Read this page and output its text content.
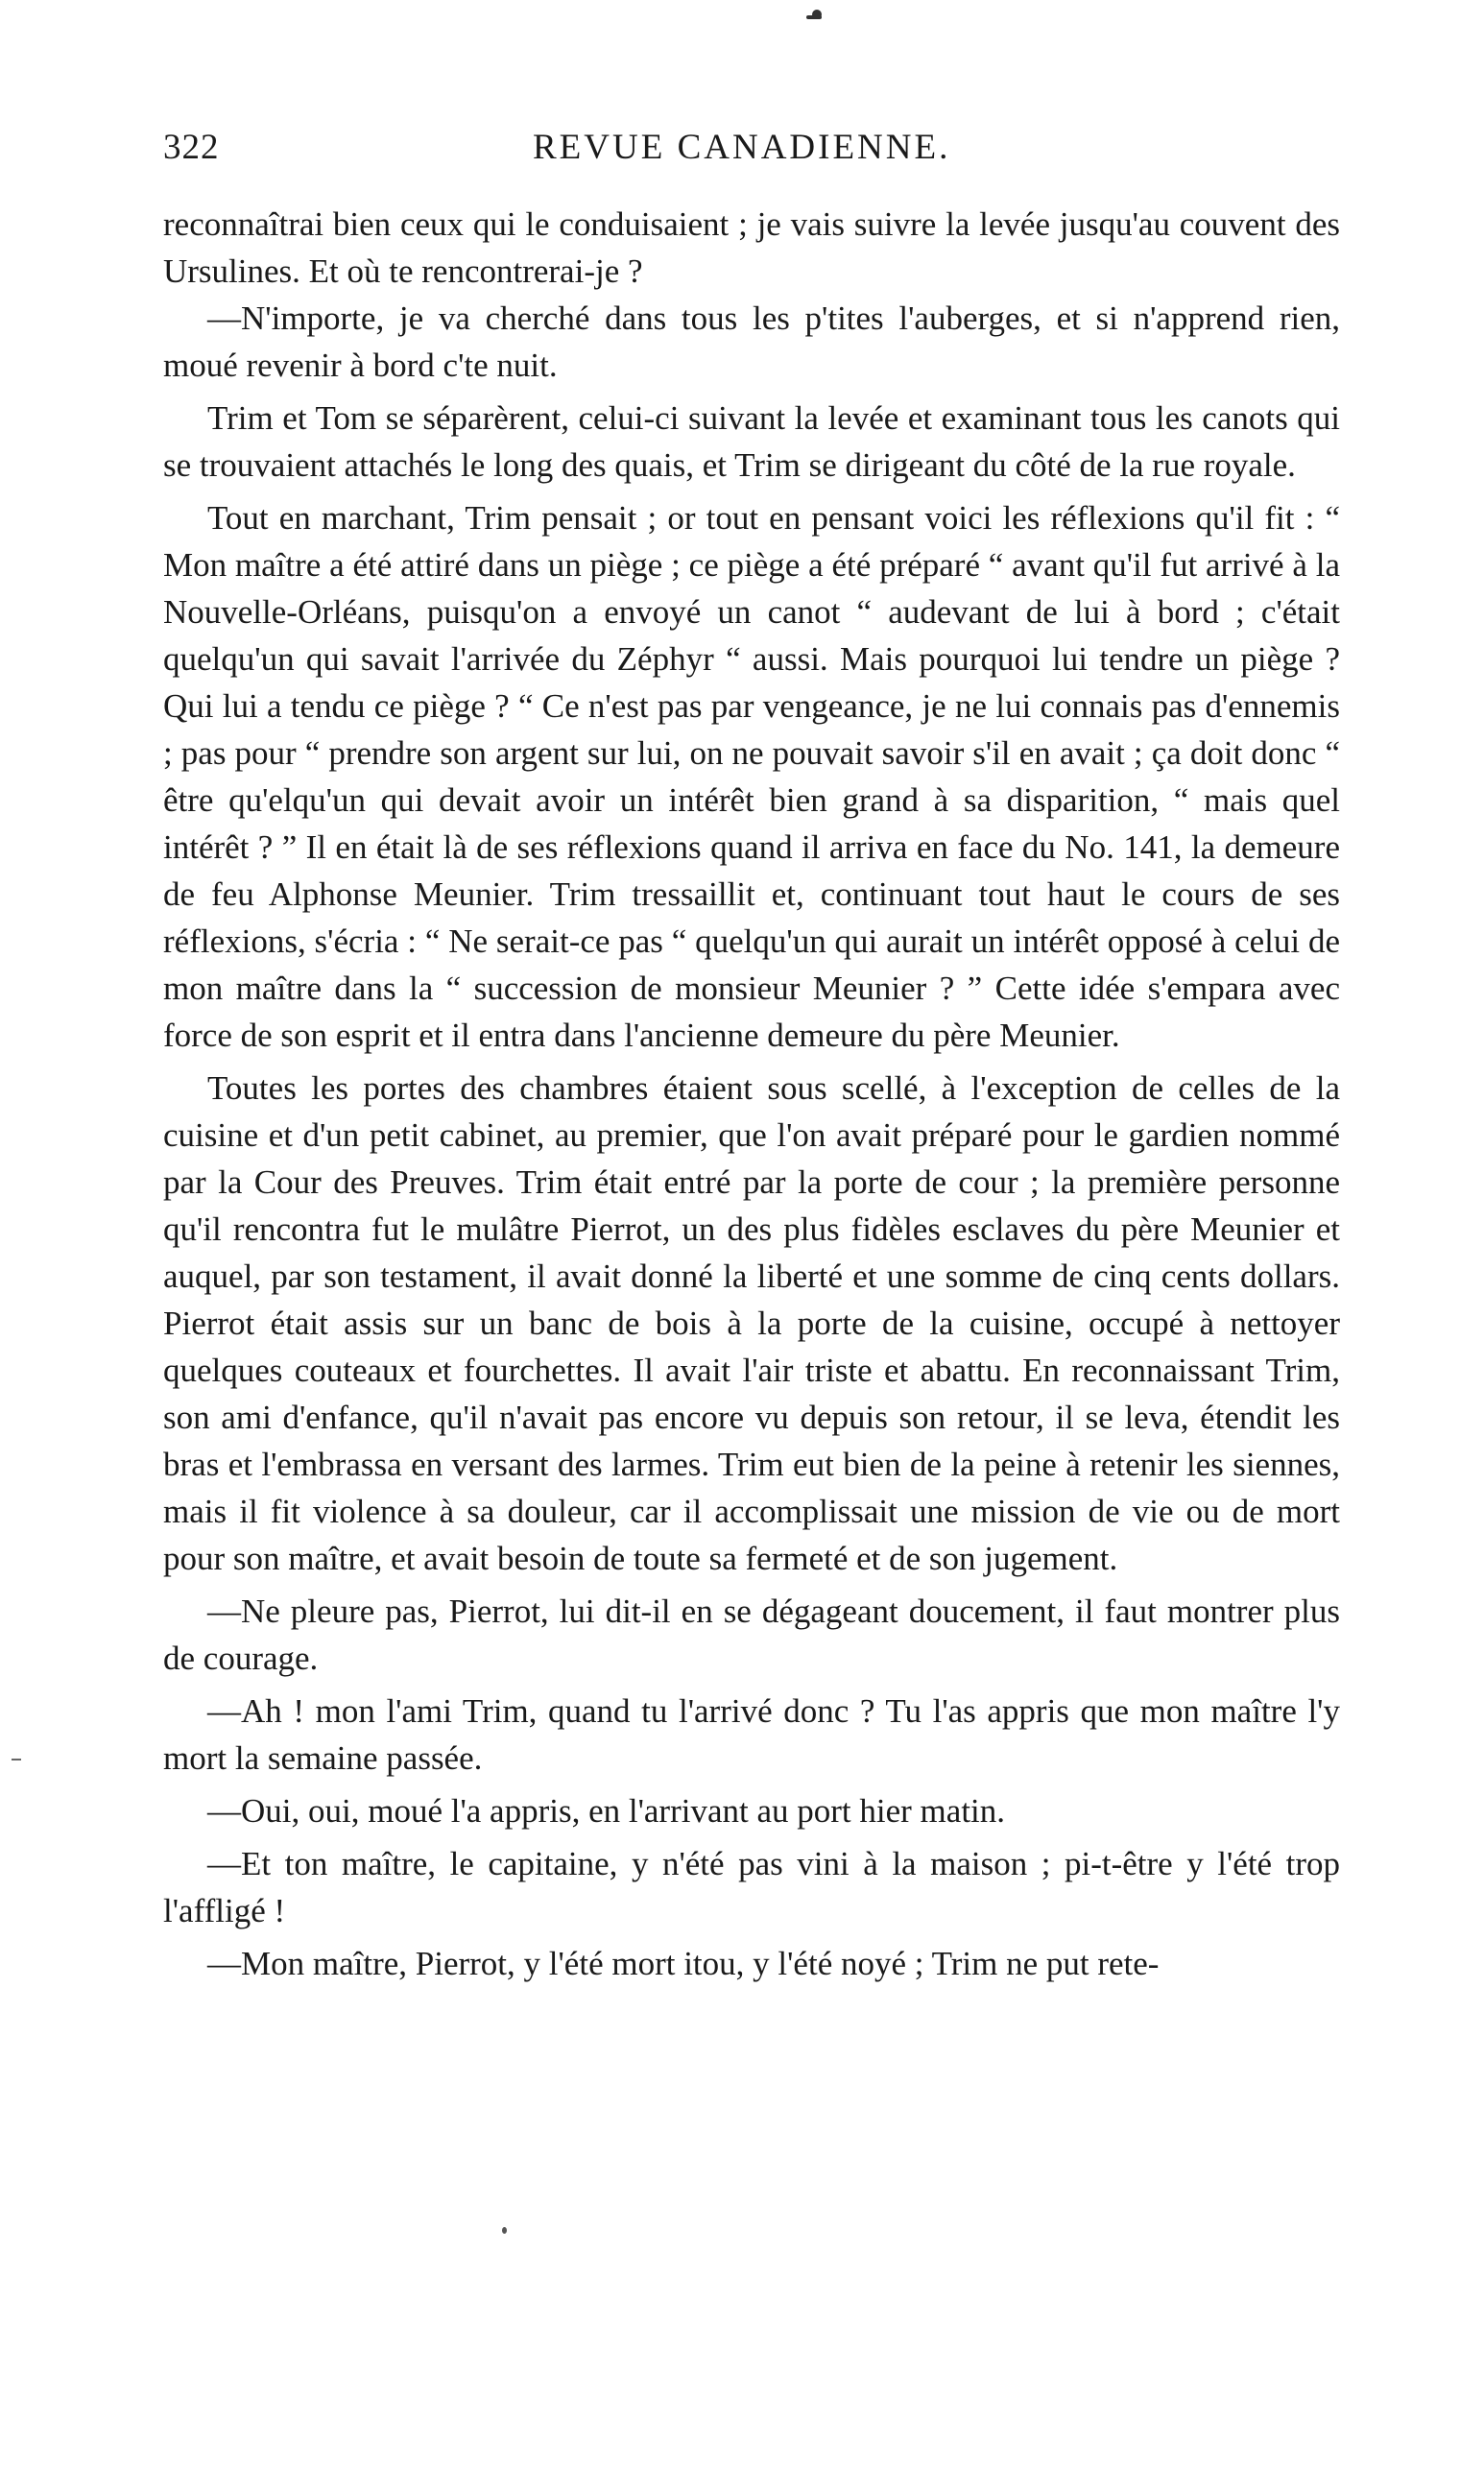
322	REVUE CANADIENNE.

reconnaîtrai bien ceux qui le conduisaient ; je vais suivre la levée jusqu'au couvent des Ursulines. Et où te rencontrerai-je ?

—N'importe, je va cherché dans tous les p'tites l'auberges, et si n'apprend rien, moué revenir à bord c'te nuit.

Trim et Tom se séparèrent, celui-ci suivant la levée et examinant tous les canots qui se trouvaient attachés le long des quais, et Trim se dirigeant du côté de la rue royale.

Tout en marchant, Trim pensait ; or tout en pensant voici les réflexions qu'il fit : “ Mon maître a été attiré dans un piège ; ce piège a été préparé “ avant qu'il fut arrivé à la Nouvelle-Orléans, puisqu'on a envoyé un canot “ audevant de lui à bord ; c'était quelqu'un qui savait l'arrivée du Zéphyr “ aussi. Mais pourquoi lui tendre un piège ? Qui lui a tendu ce piège ? “ Ce n'est pas par vengeance, je ne lui connais pas d'ennemis ; pas pour “ prendre son argent sur lui, on ne pouvait savoir s'il en avait ; ça doit donc “ être qu'elqu'un qui devait avoir un intérêt bien grand à sa disparition, “ mais quel intérêt ? ” Il en était là de ses réflexions quand il arriva en face du No. 141, la demeure de feu Alphonse Meunier. Trim tressaillit et, continuant tout haut le cours de ses réflexions, s'écria : “ Ne serait-ce pas “ quelqu'un qui aurait un intérêt opposé à celui de mon maître dans la “ succession de monsieur Meunier ? ” Cette idée s'empara avec force de son esprit et il entra dans l'ancienne demeure du père Meunier.

Toutes les portes des chambres étaient sous scellé, à l'exception de celles de la cuisine et d'un petit cabinet, au premier, que l'on avait préparé pour le gardien nommé par la Cour des Preuves. Trim était entré par la porte de cour ; la première personne qu'il rencontra fut le mulâtre Pierrot, un des plus fidèles esclaves du père Meunier et auquel, par son testament, il avait donné la liberté et une somme de cinq cents dollars. Pierrot était assis sur un banc de bois à la porte de la cuisine, occupé à nettoyer quelques couteaux et fourchettes. Il avait l'air triste et abattu. En reconnaissant Trim, son ami d'enfance, qu'il n'avait pas encore vu depuis son retour, il se leva, étendit les bras et l'embrassa en versant des larmes. Trim eut bien de la peine à retenir les siennes, mais il fit violence à sa douleur, car il accomplissait une mission de vie ou de mort pour son maître, et avait besoin de toute sa fermeté et de son jugement.

—Ne pleure pas, Pierrot, lui dit-il en se dégageant doucement, il faut montrer plus de courage.

—Ah ! mon l'ami Trim, quand tu l'arrivé donc ? Tu l'as appris que mon maître l'y mort la semaine passée.

—Oui, oui, moué l'a appris, en l'arrivant au port hier matin.

—Et ton maître, le capitaine, y n'été pas vini à la maison ; pi-t-être y l'été trop l'affligé !

—Mon maître, Pierrot, y l'été mort itou, y l'été noyé ; Trim ne put rete-
